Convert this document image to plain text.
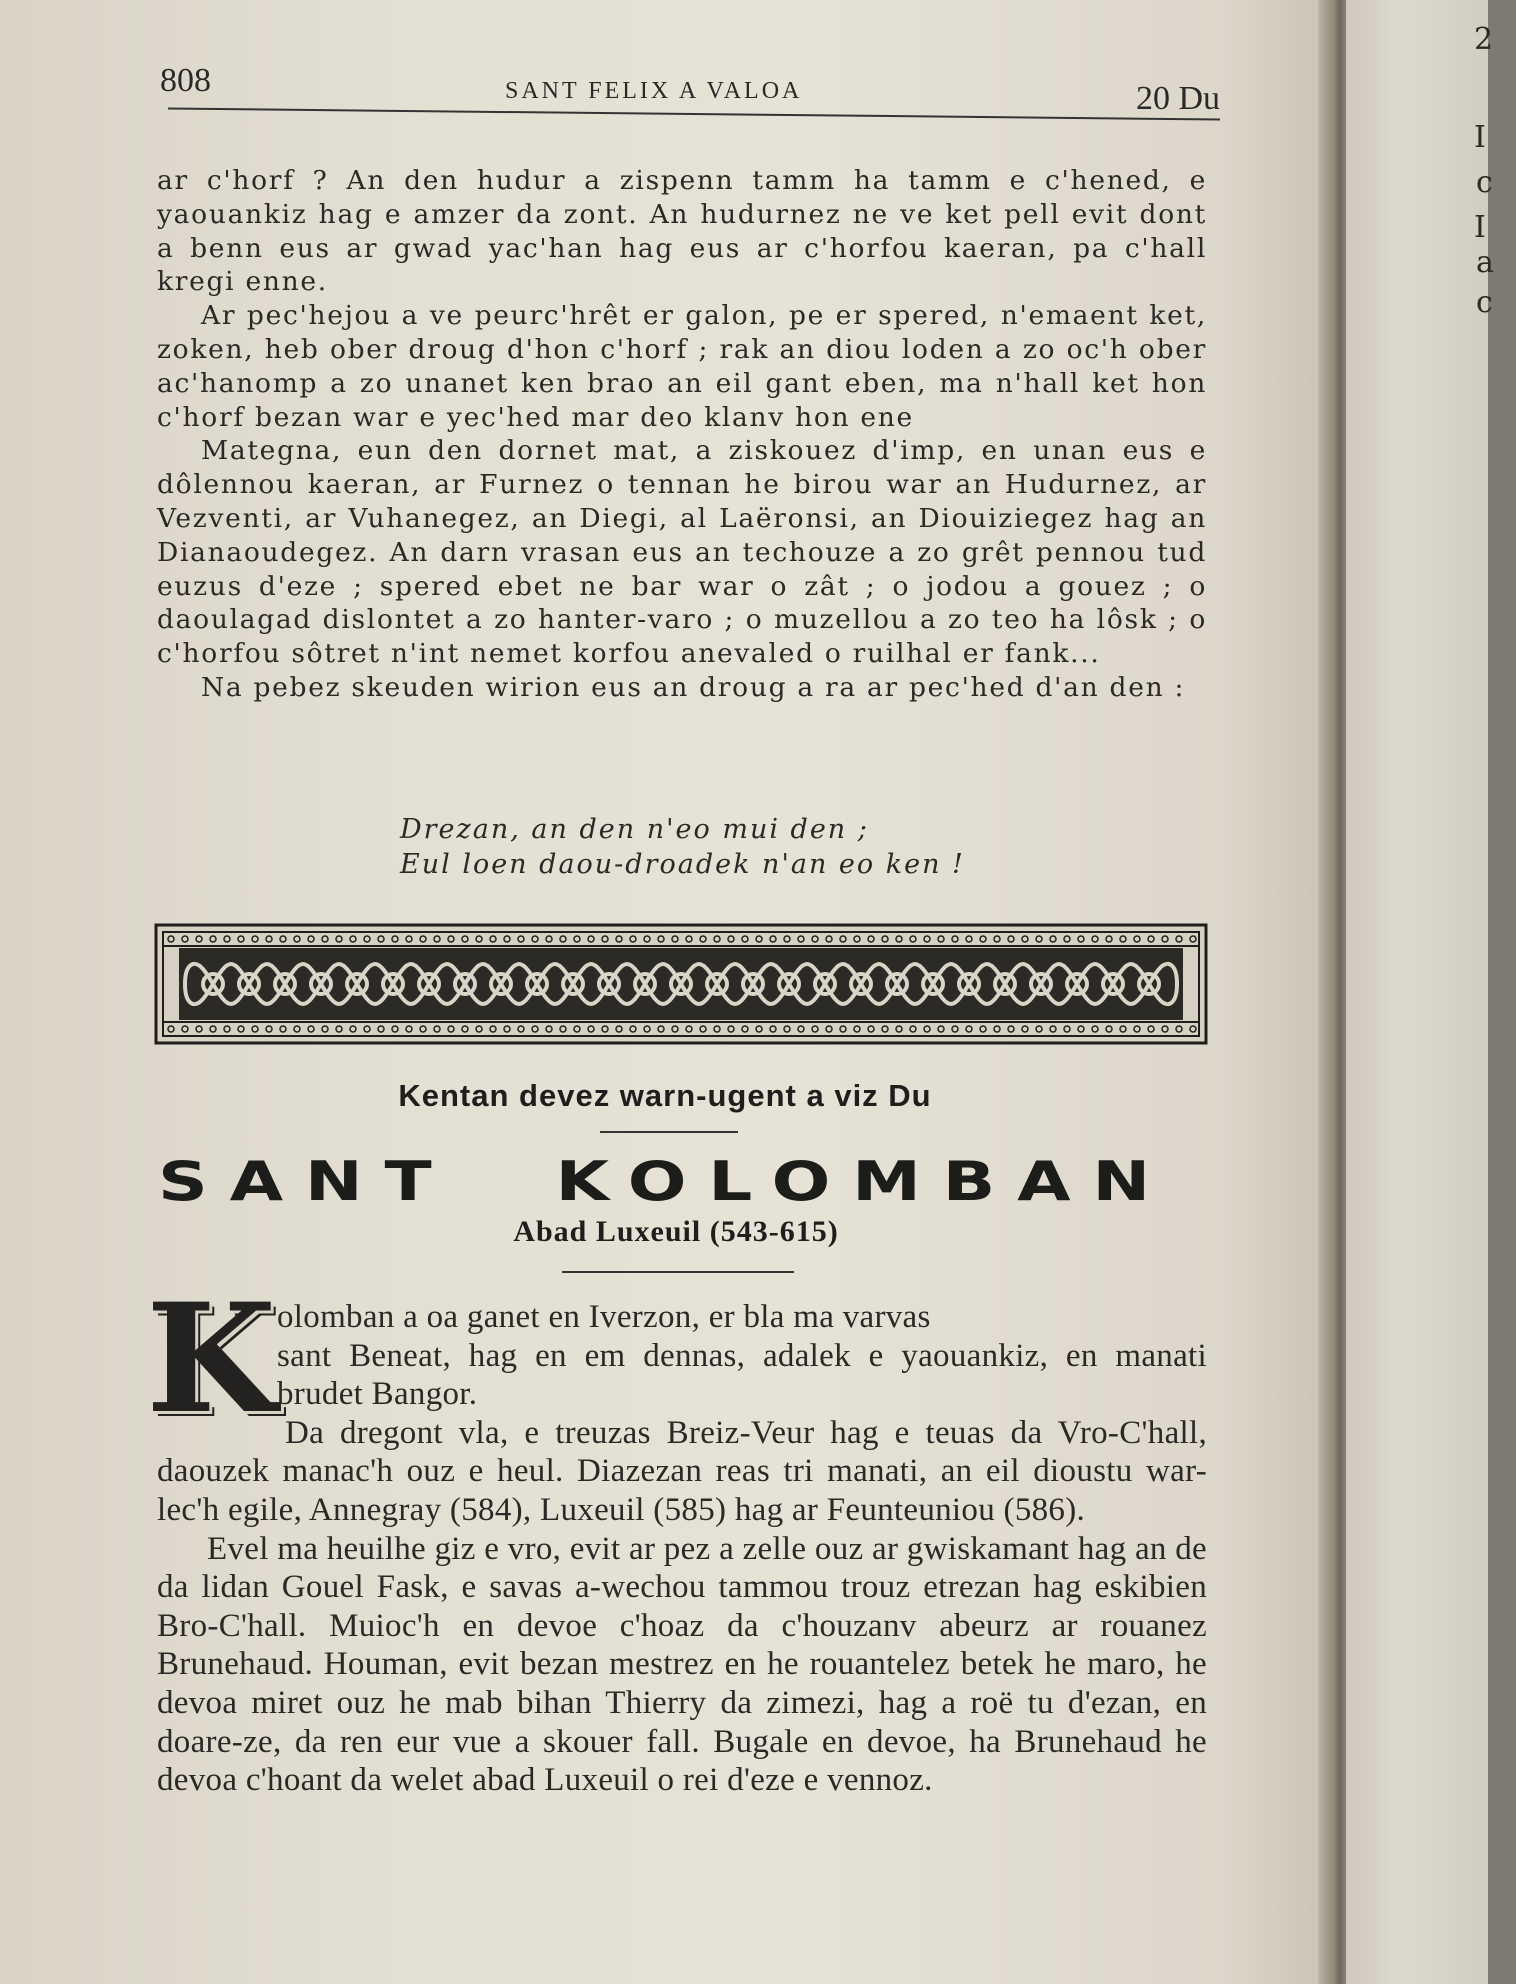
808	SANT FELIX A VALOA	20 Du

ar c'horf ? An den hudur a zispenn tamm ha tamm e c'hened, e yaouankiz hag e amzer da zont. An hudurnez ne ve ket pell evit dont a benn eus ar gwad yac'han hag eus ar c'horfou kaeran, pa c'hall kregi enne.

Ar pec'hejou a ve peurc'hrêt er galon, pe er spered, n'emaent ket, zoken, heb ober droug d'hon c'horf ; rak an diou loden a zo oc'h ober ac'hanomp a zo unanet ken brao an eil gant eben, ma n'hall ket hon c'horf bezan war e yec'hed mar deo klanv hon ene

Mategna, eun den dornet mat, a ziskouez d'imp, en unan eus e dôlennou kaeran, ar Furnez o tennan he birou war an Hudurnez, ar Vezventi, ar Vuhanegez, an Diegi, al Laëronsi, an Diouiziegez hag an Dianaoudegez. An darn vrasan eus an techouze a zo grêt pennou tud euzus d'eze ; spered ebet ne bar war o zât ; o jodou a gouez ; o daoulagad dislontet a zo hanter-varo ; o muzellou a zo teo ha lôsk ; o c'horfou sôtret n'int nemet korfou anevaled o ruilhal er fank...

Na pebez skeuden wirion eus an droug a ra ar pec'hed d'an den :

Drezan, an den n'eo mui den ;
Eul loen daou-droadek n'an eo ken !
Kentan devez warn-ugent a viz Du
SANT KOLOMBAN
Abad Luxeuil (543-615)
K olomban a oa ganet en Iverzon, er bla ma varvas

sant Beneat, hag en em dennas, adalek e yaouankiz, en manati brudet Bangor.

Da dregont vla, e treuzas Breiz-Veur hag e teuas da Vro-C'hall, daouzek manac'h ouz e heul. Diazezan reas tri manati, an eil dioustu war-lec'h egile, Annegray (584), Luxeuil (585) hag ar Feunteuniou (586).

Evel ma heuilhe giz e vro, evit ar pez a zelle ouz ar gwiskamant hag an de da lidan Gouel Fask, e savas a-wechou tammou trouz etrezan hag eskibien Bro-C'hall. Muioc'h en devoe c'hoaz da c'houzanv abeurz ar rouanez Brunehaud. Houman, evit bezan mestrez en he rouantelez betek he maro, he devoa miret ouz he mab bihan Thierry da zimezi, hag a roë tu d'ezan, en doare-ze, da ren eur vue a skouer fall. Bugale en devoe, ha Brunehaud he devoa c'hoant da welet abad Luxeuil o rei d'eze e vennoz.

2
I
c
I
a
c
